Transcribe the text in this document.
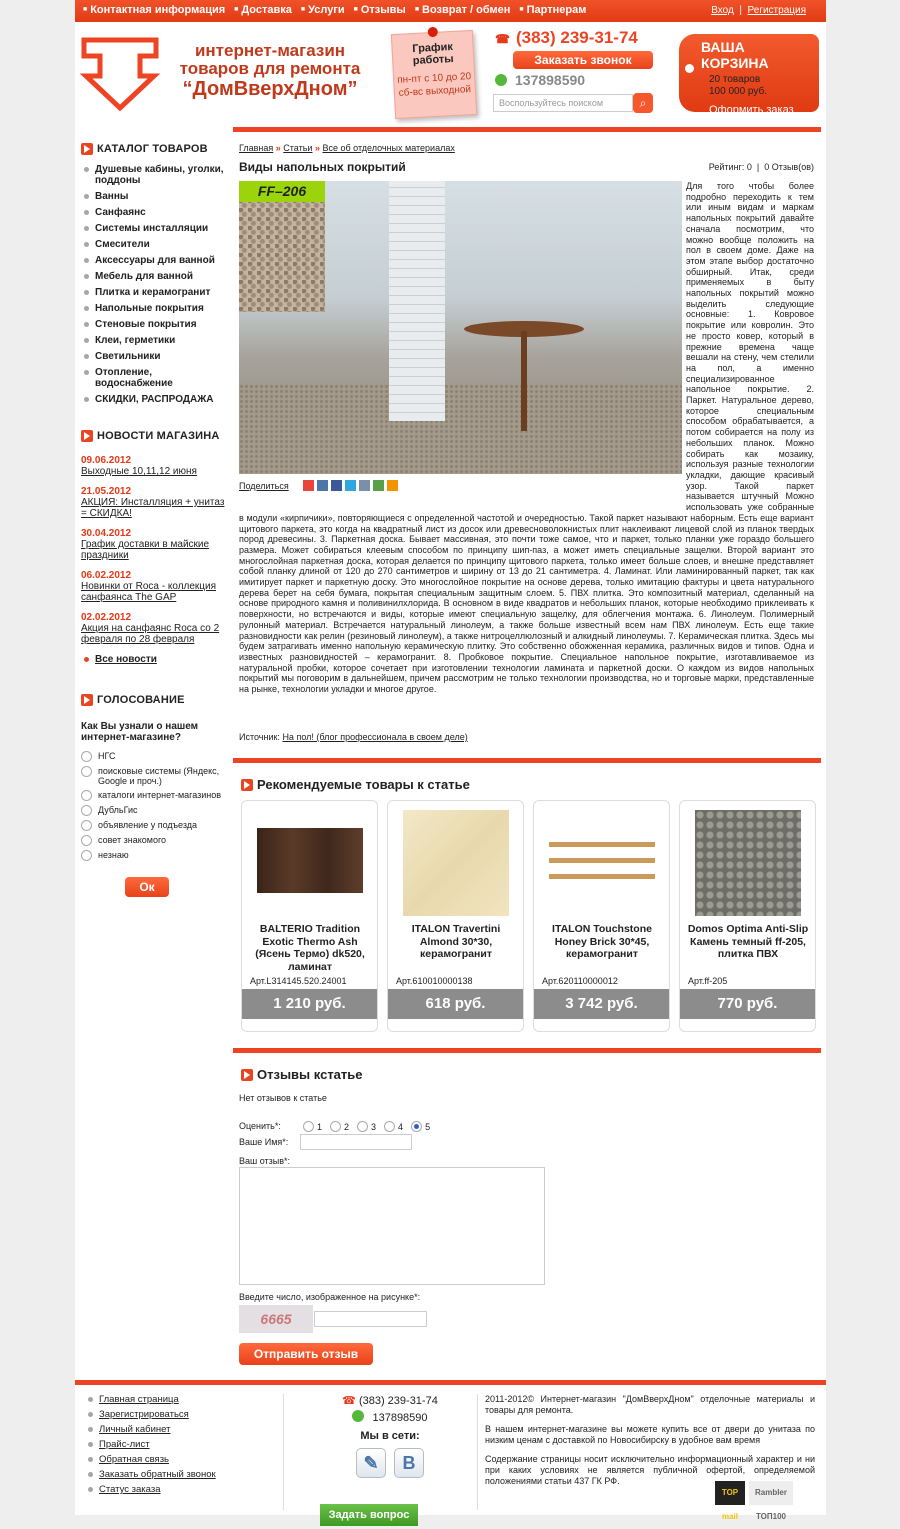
■ Контактная информация	■ Доставка	■ Услуги	■ Отзывы	■ Возврат / обмен	■ Партнерам	Вход  |  Регистрация
интернет-магазин
товаров для ремонта
“ДомВверхДном”
График работы
пн-пт с 10 до 20
сб-вс выходной
☎ (383) 239-31-74
Заказать звонок
137898590
Воспользуйтесь поиском	⌕
ВАША КОРЗИНА
20 товаров
100 000 руб.
Оформить заказ
КАТАЛОГ ТОВАРОВ
Душевые кабины, уголки, поддоны
Ванны
Санфаянс
Системы инсталляции
Смесители
Аксессуары для ванной
Мебель для ванной
Плитка и керамогранит
Напольные покрытия
Стеновые покрытия
Клеи, герметики
Светильники
Отопление, водоснабжение
СКИДКИ, РАСПРОДАЖА
НОВОСТИ МАГАЗИНА
09.06.2012
Выходные 10,11,12 июня
21.05.2012
АКЦИЯ: Инсталляция + унитаз = СКИДКА!
30.04.2012
График доставки в майские праздники
06.02.2012
Новинки от Roca - коллекция санфаянса The GAP
02.02.2012
Акция на санфаянс Roca со 2 февраля по 28 февраля
Все новости
ГОЛОСОВАНИЕ
Как Вы узнали о нашем интернет-магазине?
НГС
поисковые системы (Яндекс, Google и проч.)
каталоги интернет-магазинов
ДубльГис
объявление у подъезда
совет знакомого
незнаю
Ок
Главная » Статьи » Все об отделочных материалах
Виды напольных покрытий	Рейтинг: 0  |  0 Отзыв(ов)

Для того чтобы более подробно переходить к тем или иным видам и маркам напольных покрытий давайте сначала посмотрим, что можно вообще положить на пол в своем доме. Даже на этом этапе выбор достаточно обширный. Итак, среди применяемых в быту напольных покрытий можно выделить следующие основные: 1. Ковровое покрытие или ковролин. Это не просто ковер, который в прежние времена чаще вешали на стену, чем стелили на пол, а именно специализированное напольное покрытие. 2. Паркет. Натуральное дерево, которое специальным способом обрабатывается, а потом собирается на полу из небольших планок. Можно собирать как мозаику, используя разные технологии укладки, дающие красивый узор. Такой паркет называется штучный Можно использовать уже собранные в модули «кирпичики», повторяющиеся с определенной частотой и очередностью. Такой паркет называют наборным. Есть еще вариант щитового паркета, это когда на квадратный лист из досок или древесноволокнистых плит наклеивают лицевой слой из планок твердых пород древесины. 3. Паркетная доска. Бывает массивная, это почти тоже самое, что и паркет, только планки уже гораздо большего размера. Может собираться клеевым способом по принципу шип-паз, а может иметь специальные защелки. Второй вариант это многослойная паркетная доска, которая делается по принципу щитового паркета, только имеет больше слоев, и внешне представляет собой планку длиной от 120 до 270 сантиметров и ширину от 13 до 21 сантиметра. 4. Ламинат. Или ламинированный паркет, так как имитирует паркет и паркетную доску. Это многослойное покрытие на основе дерева, только имитацию фактуры и цвета натурального дерева берет на себя бумага, покрытая специальным защитным слоем. 5. ПВХ плитка. Это композитный материал, сделанный на основе природного камня и поливинилхлорида. В основном в виде квадратов и небольших планок, которые необходимо приклеивать к поверхности, но встречаются и виды, которые имеют специальную защелку, для облегчения монтажа. 6. Линолеум. Полимерный рулонный материал. Встречается натуральный линолеум, а также больше известный всем нам ПВХ линолеум. Есть еще такие разновидности как релин (резиновый линолеум), а также нитроцеллюлозный и алкидный линолеумы. 7. Керамическая плитка. Здесь мы будем затрагивать именно напольную керамическую плитку. Это собственно обожженная керамика, различных видов и типов. Одна и известных разновидностей – керамогранит. 8. Пробковое покрытие. Специальное напольное покрытие, изготавливаемое из натуральной пробки, которое сочетает при изготовлении технологии ламината и паркетной доски. О каждом из видов напольных покрытий мы поговорим в дальнейшем, причем рассмотрим не только технологии производства, но и торговые марки, представленные на рынке, технологии укладки и многое другое.

FF–206
Поделиться
Источник: На пол! (блог профессионала в своем деле)
Рекомендуемые товары к статье
BALTERIO Tradition Exotic Thermo Ash (Ясень Термо) dk520, ламинат
Арт.L314145.520.24001
1 210 руб.
ITALON Travertini Almond 30*30, керамогранит
Арт.610010000138
618 руб.
ITALON Touchstone Honey Brick 30*45, керамогранит
Арт.620110000012
3 742 руб.
Domos Optima Anti-Slip Камень темный ff-205, плитка ПВХ
Арт.ff-205
770 руб.
Отзывы кстатье
Нет отзывов к статье
Оценить*:	1	2	3	4	5
Ваше Имя*:
Ваш отзыв*:
Введите число, изображенное на рисунке*:
6665
Отправить отзыв
Главная страница
Зарегистрироваться
Личный кабинет
Прайс-лист
Обратная связь
Заказать обратный звонок
Статус заказа
☎ (383) 239-31-74
137898590
Мы в сети:
✎	В
Задать вопрос

2011-2012© Интернет-магазин "ДомВверхДном" отделочные материалы и товары для ремонта.

В нашем интернет-магазине вы можете купить все от двери до унитаза по низким ценам с доставкой по Новосибирску в удобное вам время

Содержание страницы носит исключительно информационный характер и ни при каких условиях не является публичной офертой, определяемой положениями статьи 437 ГК РФ.

TOP mail
Rambler ТОП100
